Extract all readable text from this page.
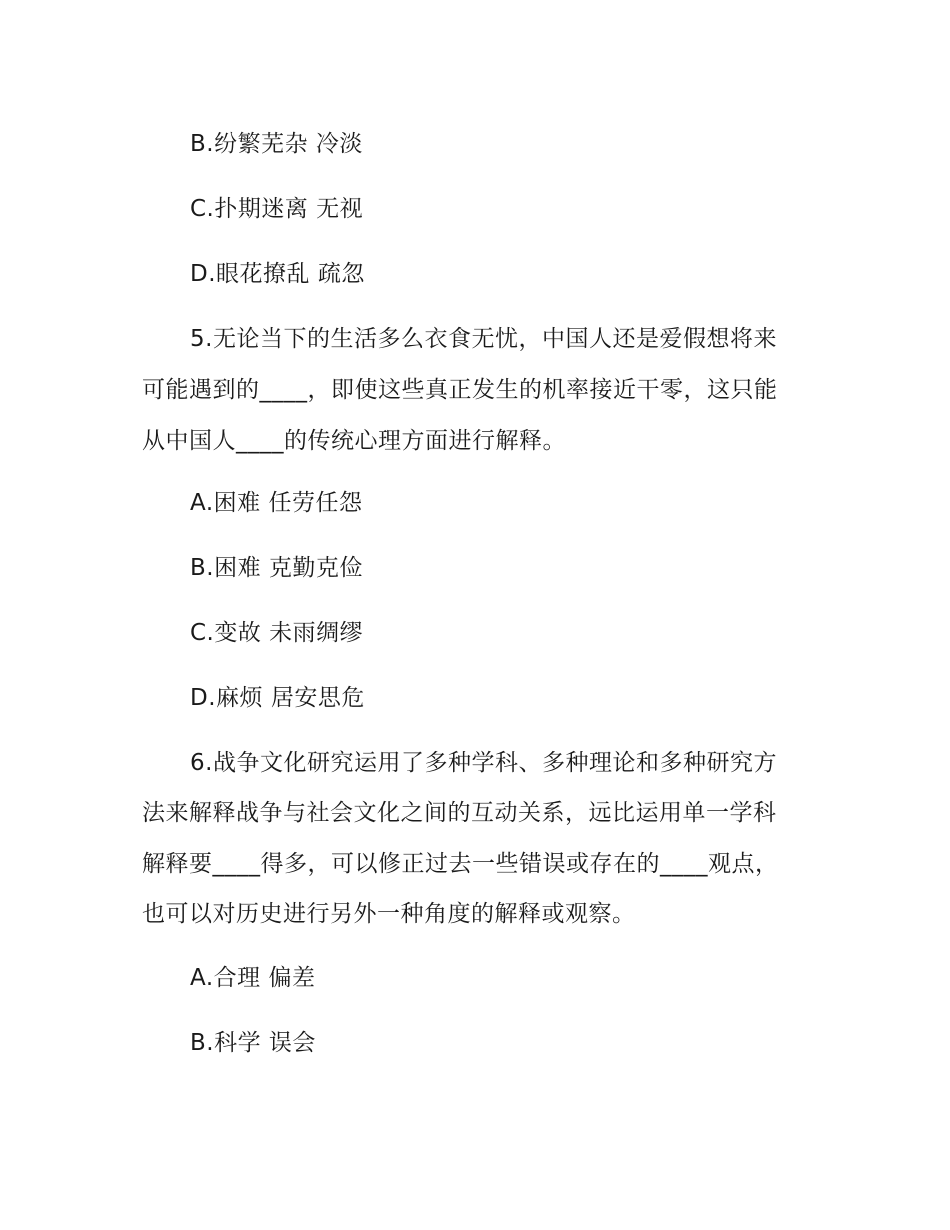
B.纷繁芜杂 冷淡
C.扑期迷离 无视
D.眼花撩乱 疏忽
5.无论当下的生活多么衣食无忧，中国人还是爱假想将来
可能遇到的____，即使这些真正发生的机率接近干零，这只能
从中国人____的传统心理方面进行解释。
A.困难 任劳任怨
B.困难 克勤克俭
C.变故 未雨绸缪
D.麻烦 居安思危
6.战争文化研究运用了多种学科、多种理论和多种研究方
法来解释战争与社会文化之间的互动关系，远比运用单一学科
解释要____得多，可以修正过去一些错误或存在的____观点，
也可以对历史进行另外一种角度的解释或观察。
A.合理 偏差
B.科学 误会
